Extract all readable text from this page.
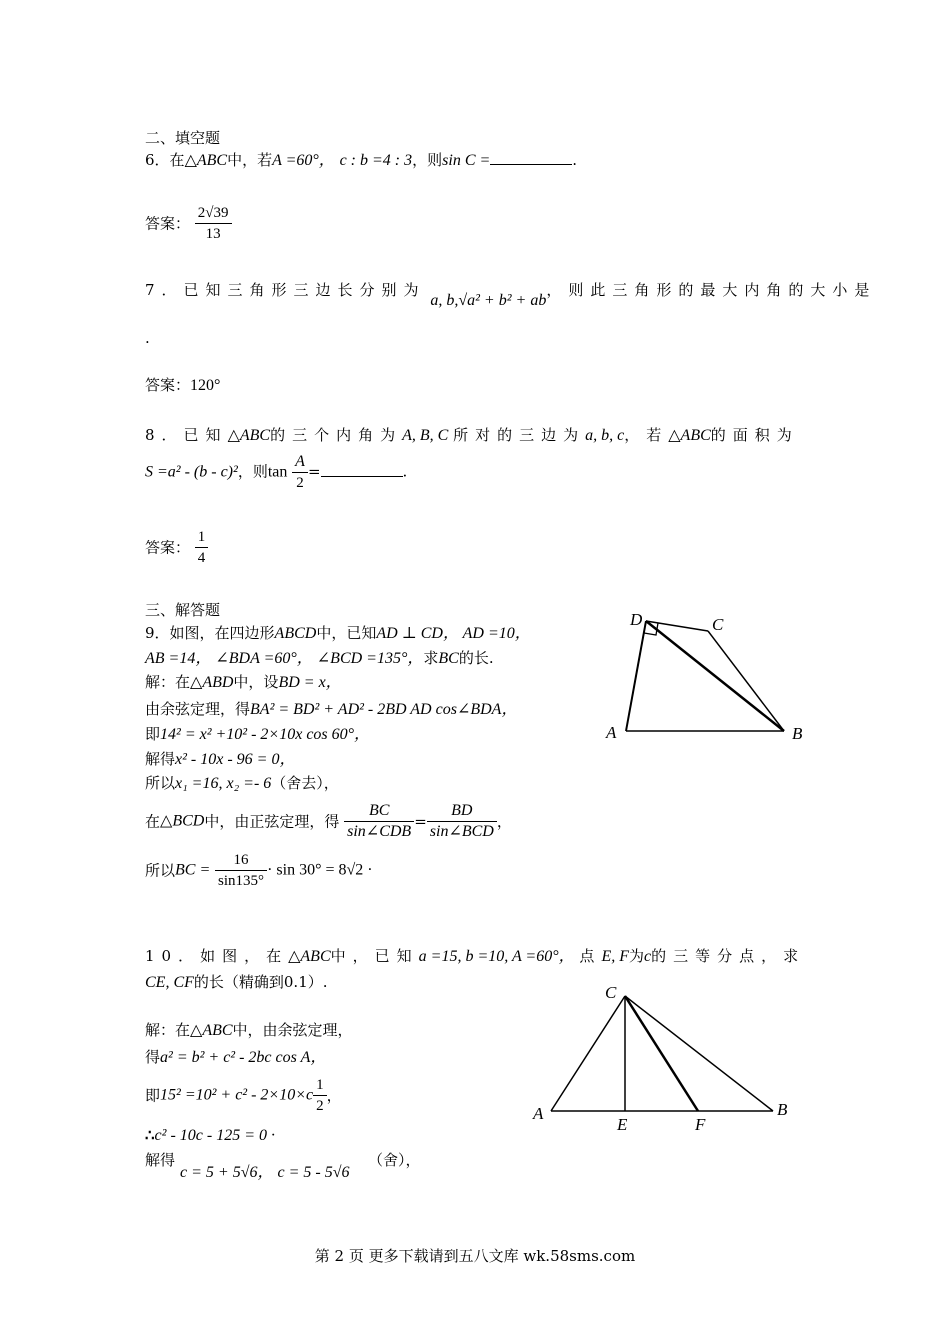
二、填空题
6．在△ABC中，若A =60°， c : b =4 : 3，则sin C =	.
答案： $\frac{2√39}{13}$
7．已知三角形三边长分别为 a, b,√a² + b² + ab，则此三角形的最大内角的大小是
.
答案：120°
8．已知△ABC的三个内角为A, B, C 所对的三边为a, b, c，若△ABC的面积为
S =a² - (b - c)²，则$\tan \frac{A}{2}$ =	.
答案： $\frac{1}{4}$
三、解答题
9．如图，在四边形ABCD中，已知AD ⊥ CD， AD =10，
AB =14， ∠BDA =60°， ∠BCD =135°，求BC的长.
解：在△ABD中，设BD = x，
由余弦定理，得BA² = BD² + AD² - 2BD AD cos∠BDA，
即14² = x² +10² - 2×10x cos 60°，
解得x² - 10x - 96 = 0，
所以x₁ =16, x₂ =- 6（舍去），
在△BCD中，由正弦定理，得 $\frac{BC}{\text{sin∠CDB}} = \frac{BD}{\text{sin∠BCD}}$ ，
所以BC = $\frac{16}{\sin 135^\circ} \cdot \sin 30^\circ = 8√2$ ·
D	C
A	B
10．如图，在△ABC中，已知a =15, b =10, A =60°， 点E, F为c的三等分点，求
CE, CF的长（精确到0.1）.
解：在△ABC中，由余弦定理，
得a² = b² + c² - 2bc cos A，
即$15^2 =10^2 + c^2 - 2\times 10\times c \frac{1}{2}$ ，
∴c² - 10c - 125 = 0 ·
解得
c = 5 + 5√6， c = 5 - 5√6
（舍），
C
A
E	F
B
第 2 页 更多下载请到五八文库 wk.58sms.com
